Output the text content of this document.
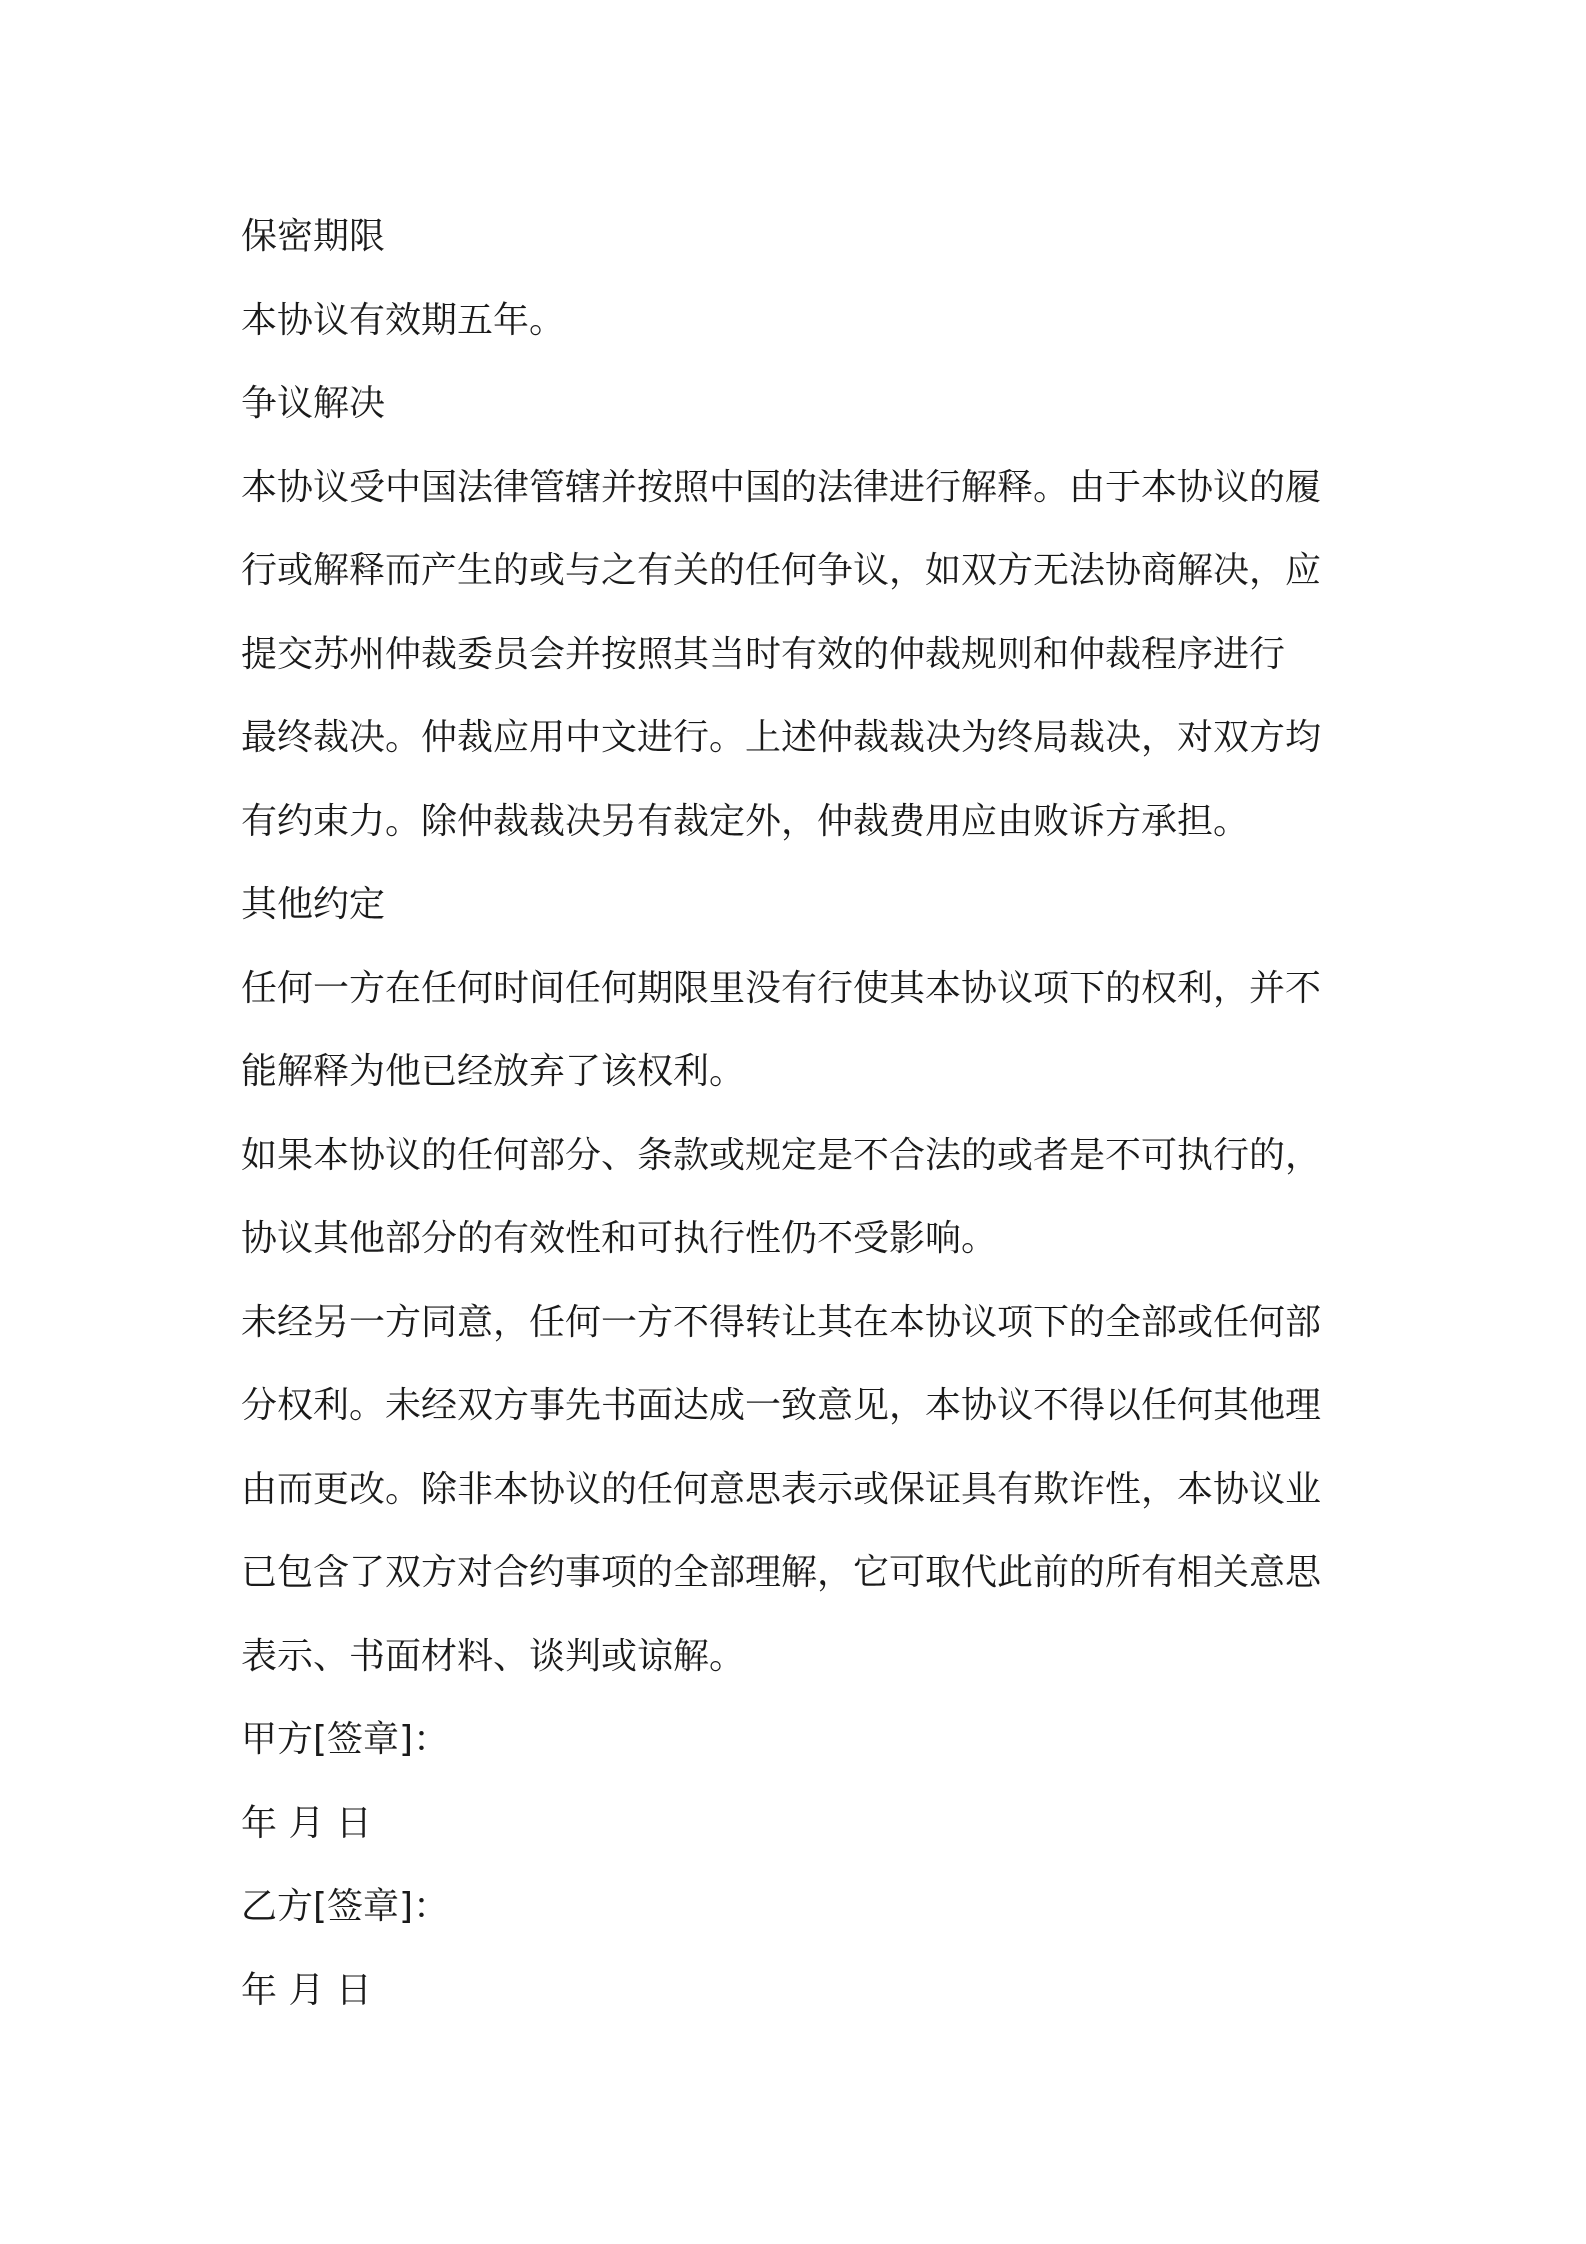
保密期限
本协议有效期五年。
争议解决
本协议受中国法律管辖并按照中国的法律进行解释。由于本协议的履
行或解释而产生的或与之有关的任何争议，如双方无法协商解决，应
提交苏州仲裁委员会并按照其当时有效的仲裁规则和仲裁程序进行
最终裁决。仲裁应用中文进行。上述仲裁裁决为终局裁决，对双方均
有约束力。除仲裁裁决另有裁定外，仲裁费用应由败诉方承担。
其他约定
任何一方在任何时间任何期限里没有行使其本协议项下的权利，并不
能解释为他已经放弃了该权利。
如果本协议的任何部分、条款或规定是不合法的或者是不可执行的，
协议其他部分的有效性和可执行性仍不受影响。
未经另一方同意，任何一方不得转让其在本协议项下的全部或任何部
分权利。未经双方事先书面达成一致意见，本协议不得以任何其他理
由而更改。除非本协议的任何意思表示或保证具有欺诈性，本协议业
已包含了双方对合约事项的全部理解，它可取代此前的所有相关意思
表示、书面材料、谈判或谅解。
甲方[签章]：
年 月 日
乙方[签章]：
年 月 日
